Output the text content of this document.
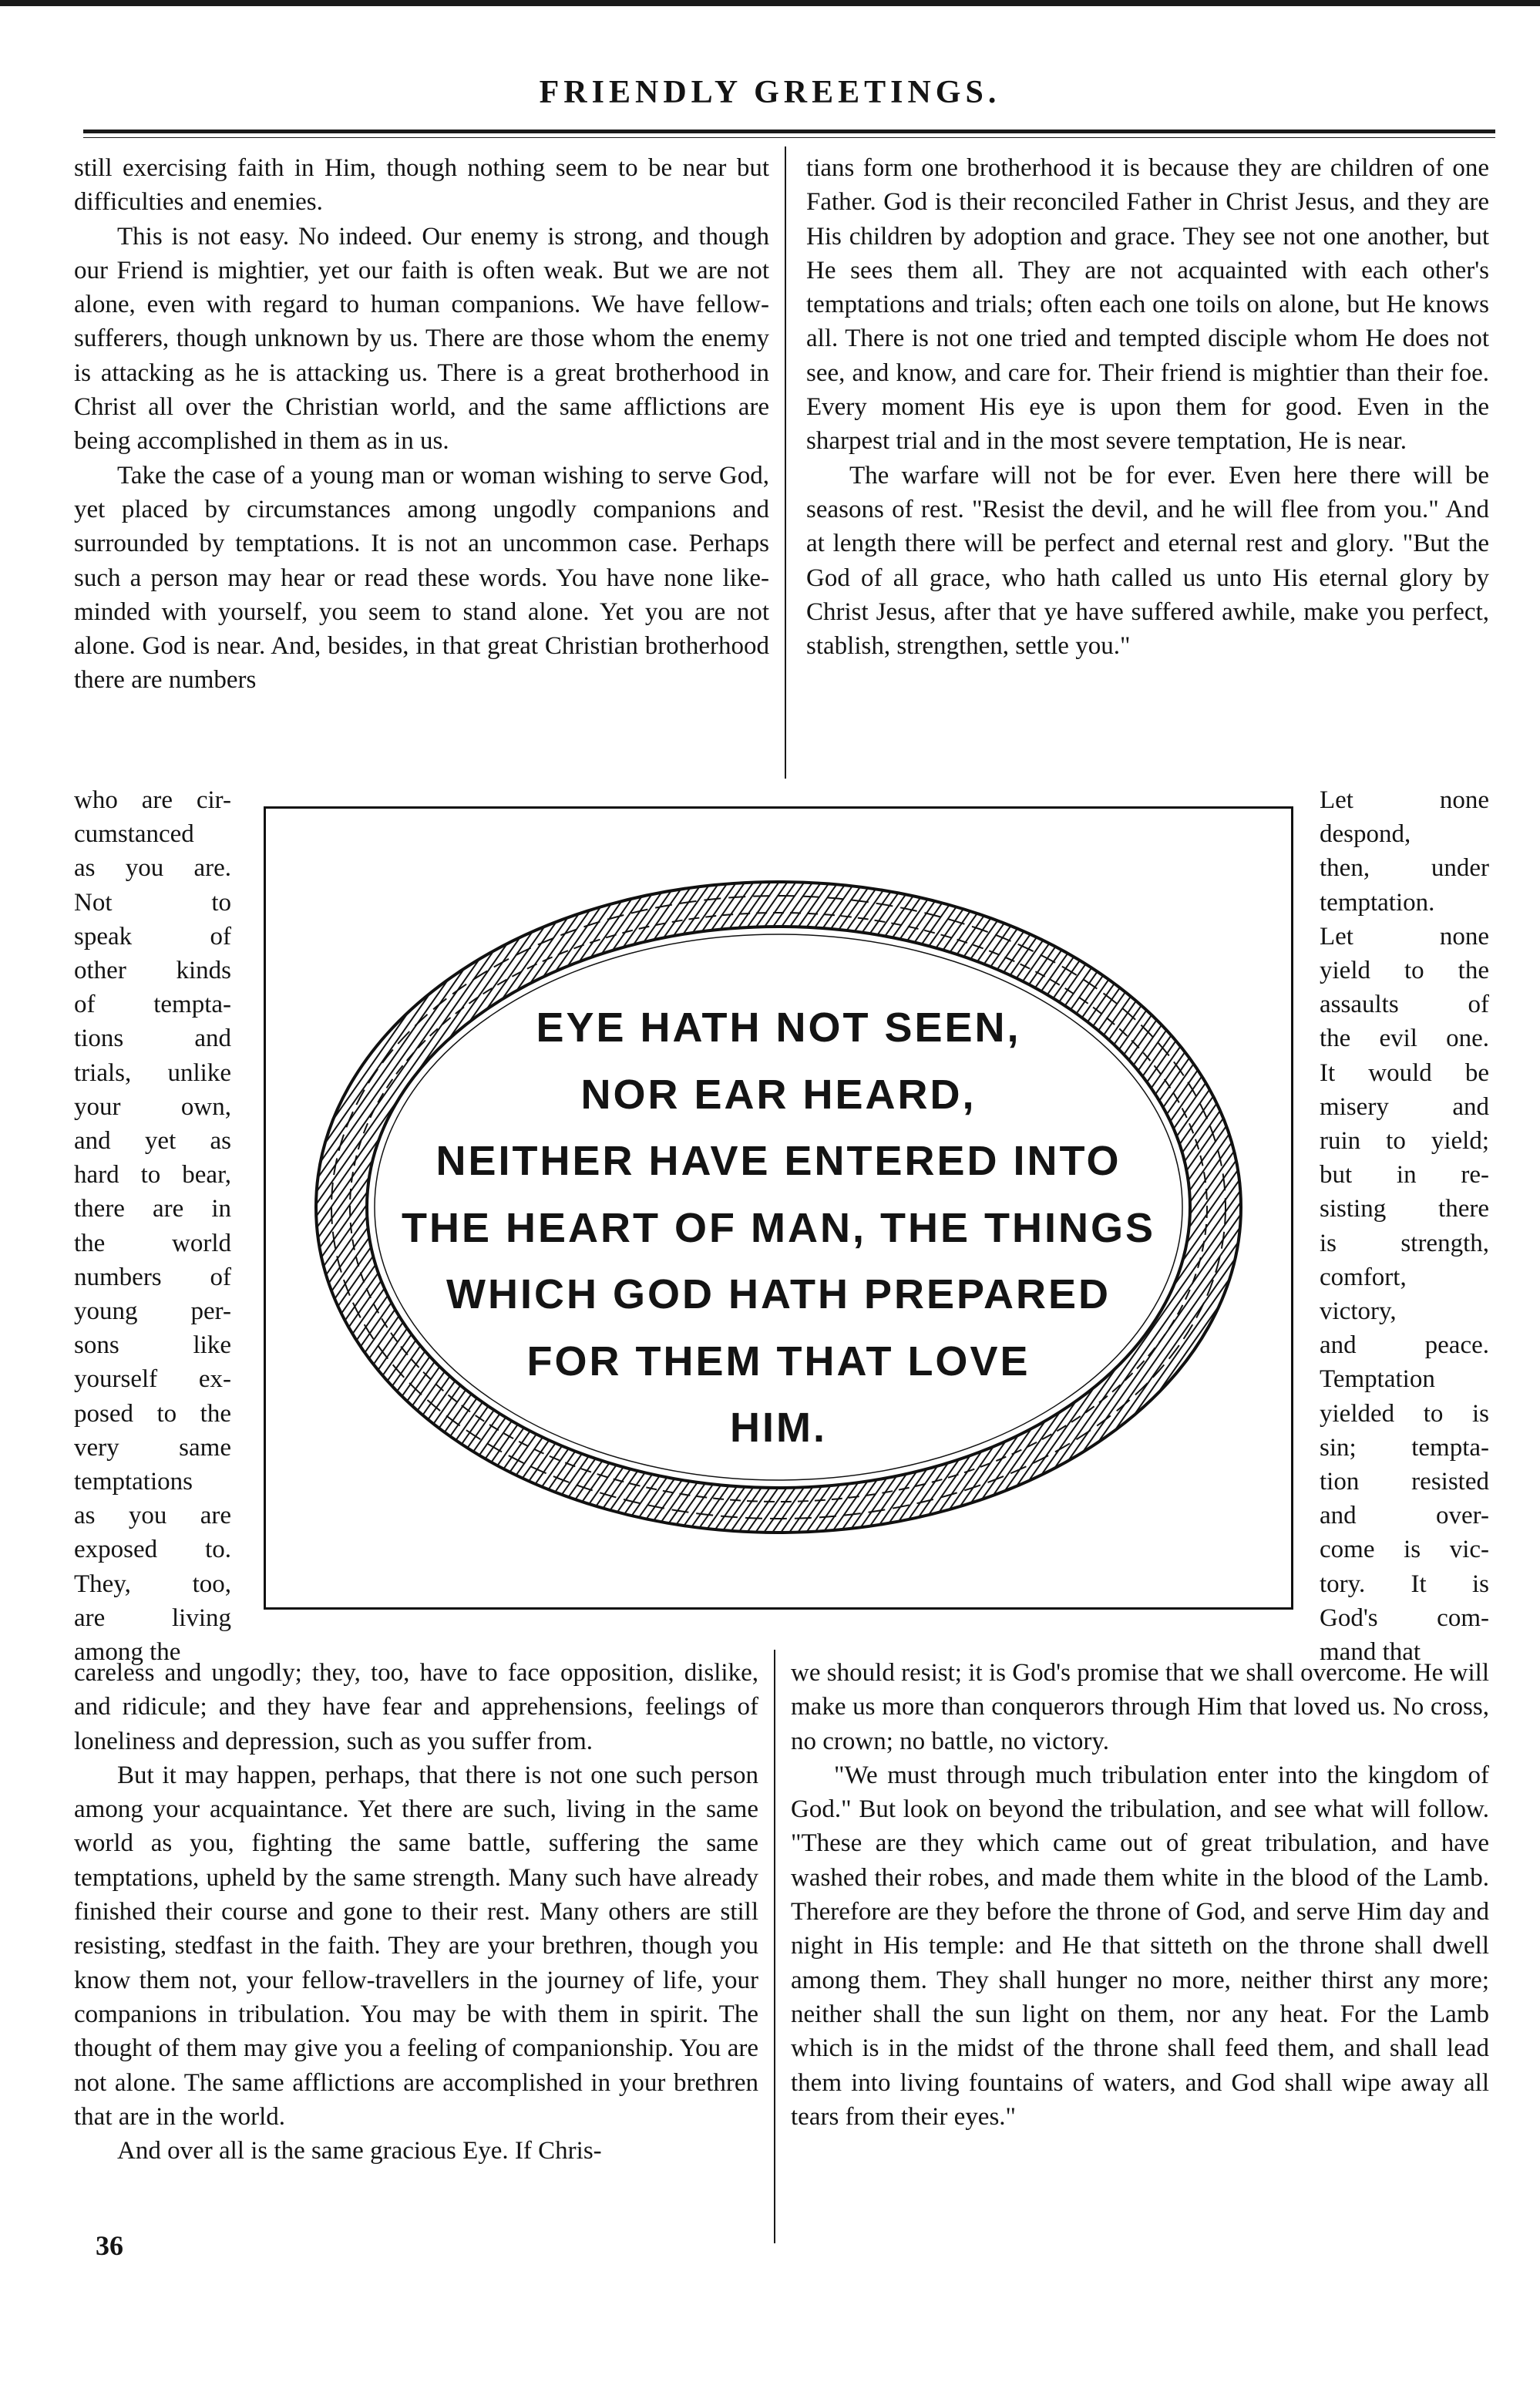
FRIENDLY GREETINGS.

still exercising faith in Him, though nothing seem to be near but difficulties and enemies.

This is not easy. No indeed. Our enemy is strong, and though our Friend is mightier, yet our faith is often weak. But we are not alone, even with regard to human companions. We have fellow-sufferers, though unknown by us. There are those whom the enemy is attacking as he is attacking us. There is a great brotherhood in Christ all over the Christian world, and the same afflictions are being accomplished in them as in us.

Take the case of a young man or woman wishing to serve God, yet placed by circumstances among ungodly companions and surrounded by temptations. It is not an uncommon case. Perhaps such a person may hear or read these words. You have none like-minded with yourself, you seem to stand alone. Yet you are not alone. God is near. And, besides, in that great Christian brotherhood there are numbers

who are cir-
cumstanced
as you are.
Not to
speak of
other kinds
of tempta-
tions and
trials, unlike
your own,
and yet as
hard to bear,
there are in
the world
numbers of
young per-
sons like
yourself ex-
posed to the
very same
temptations
as you are
exposed to.
They, too,
are living
among the
EYE HATH NOT SEEN,
NOR EAR HEARD,
NEITHER HAVE ENTERED INTO
THE HEART OF MAN, THE THINGS
WHICH GOD HATH PREPARED
FOR THEM THAT LOVE
HIM.

careless and ungodly; they, too, have to face opposition, dislike, and ridicule; and they have fear and apprehensions, feelings of loneliness and depression, such as you suffer from.

But it may happen, perhaps, that there is not one such person among your acquaintance. Yet there are such, living in the same world as you, fighting the same battle, suffering the same temptations, upheld by the same strength. Many such have already finished their course and gone to their rest. Many others are still resisting, stedfast in the faith. They are your brethren, though you know them not, your fellow-travellers in the journey of life, your companions in tribulation. You may be with them in spirit. The thought of them may give you a feeling of companionship. You are not alone. The same afflictions are accomplished in your brethren that are in the world.

And over all is the same gracious Eye. If Chris-

36

tians form one brotherhood it is because they are children of one Father. God is their reconciled Father in Christ Jesus, and they are His children by adoption and grace. They see not one another, but He sees them all. They are not acquainted with each other's temptations and trials; often each one toils on alone, but He knows all. There is not one tried and tempted disciple whom He does not see, and know, and care for. Their friend is mightier than their foe. Every moment His eye is upon them for good. Even in the sharpest trial and in the most severe temptation, He is near.

The warfare will not be for ever. Even here there will be seasons of rest. "Resist the devil, and he will flee from you." And at length there will be perfect and eternal rest and glory. "But the God of all grace, who hath called us unto His eternal glory by Christ Jesus, after that ye have suffered awhile, make you perfect, stablish, strengthen, settle you."

Let none
despond,
then, under
temptation.
Let none
yield to the
assaults of
the evil one.
It would be
misery and
ruin to yield;
but in re-
sisting there
is strength,
comfort,
victory,
and peace.
Temptation
yielded to is
sin; tempta-
tion resisted
and over-
come is vic-
tory. It is
God's com-
mand that

we should resist; it is God's promise that we shall overcome. He will make us more than conquerors through Him that loved us. No cross, no crown; no battle, no victory.

"We must through much tribulation enter into the kingdom of God." But look on beyond the tribulation, and see what will follow. "These are they which came out of great tribulation, and have washed their robes, and made them white in the blood of the Lamb. Therefore are they before the throne of God, and serve Him day and night in His temple: and He that sitteth on the throne shall dwell among them. They shall hunger no more, neither thirst any more; neither shall the sun light on them, nor any heat. For the Lamb which is in the midst of the throne shall feed them, and shall lead them into living fountains of waters, and God shall wipe away all tears from their eyes."
